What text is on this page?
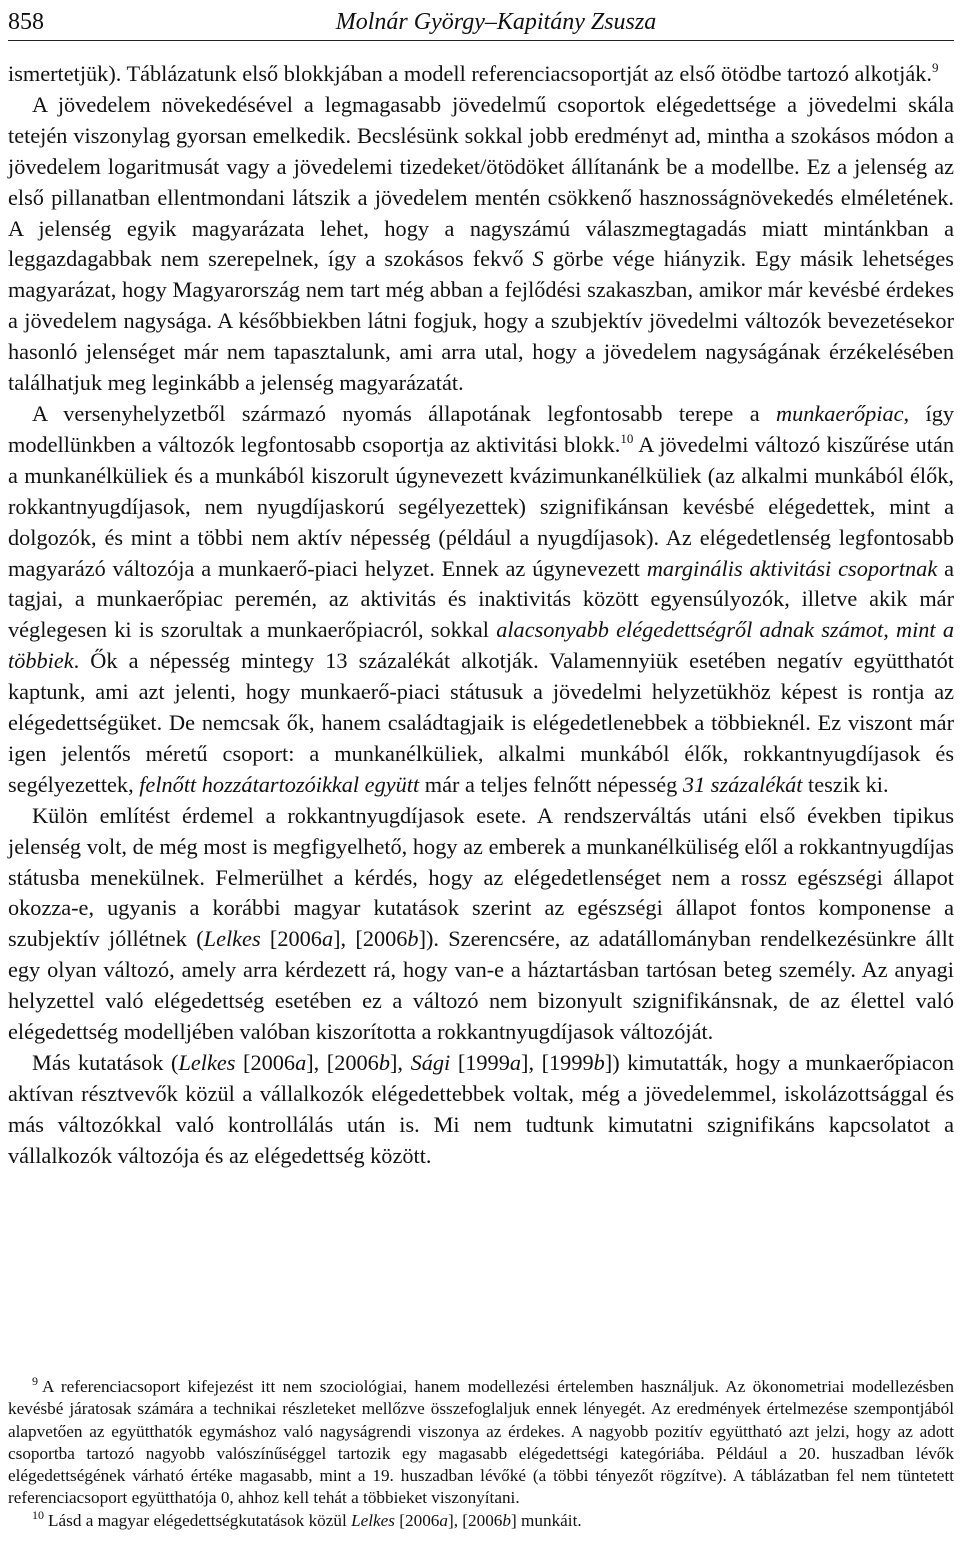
858	Molnár György–Kapitány Zsusza

ismertetjük). Táblázatunk első blokkjában a modell referenciacsoportját az első ötödbe tartozó alkotják.$^9$

A jövedelem növekedésével a legmagasabb jövedelmű csoportok elégedettsége a jövedelmi skála tetején viszonylag gyorsan emelkedik. Becslésünk sokkal jobb eredményt ad, mintha a szokásos módon a jövedelem logaritmusát vagy a jövedelemi tizedeket/ötödöket állítanánk be a modellbe. Ez a jelenség az első pillanatban ellentmondani látszik a jövedelem mentén csökkenő hasznosságnövekedés elméletének. A jelenség egyik magyarázata lehet, hogy a nagyszámú válaszmegtagadás miatt mintánkban a leggazdagabbak nem szerepelnek, így a szokásos fekvő S görbe vége hiányzik. Egy másik lehetséges magyarázat, hogy Magyarország nem tart még abban a fejlődési szakaszban, amikor már kevésbé érdekes a jövedelem nagysága. A későbbiekben látni fogjuk, hogy a szubjektív jövedelmi változók bevezetésekor hasonló jelenséget már nem tapasztalunk, ami arra utal, hogy a jövedelem nagyságának érzékelésében találhatjuk meg leginkább a jelenség magyarázatát.

A versenyhelyzetből származó nyomás állapotának legfontosabb terepe a munkaerőpiac, így modellünkben a változók legfontosabb csoportja az aktivitási blokk.$^{10}$ A jövedelmi változó kiszűrése után a munkanélküliek és a munkából kiszorult úgynevezett kvázimunkanélküliek (az alkalmi munkából élők, rokkantnyugdíjasok, nem nyugdíjaskorú segélyezettek) szignifikánsan kevésbé elégedettek, mint a dolgozók, és mint a többi nem aktív népesség (például a nyugdíjasok). Az elégedetlenség legfontosabb magyarázó változója a munkaerő-piaci helyzet. Ennek az úgynevezett marginális aktivitási csoportnak a tagjai, a munkaerőpiac peremén, az aktivitás és inaktivitás között egyensúlyozók, illetve akik már véglegesen ki is szorultak a munkaerőpiacról, sokkal alacsonyabb elégedettségről adnak számot, mint a többiek. Ők a népesség mintegy 13 százalékát alkotják. Valamennyiük esetében negatív együtthatót kaptunk, ami azt jelenti, hogy munkaerő-piaci státusuk a jövedelmi helyzetükhöz képest is rontja az elégedettségüket. De nemcsak ők, hanem családtagjaik is elégedetlenebbek a többieknél. Ez viszont már igen jelentős méretű csoport: a munkanélküliek, alkalmi munkából élők, rokkantnyugdíjasok és segélyezettek, felnőtt hozzátartozóikkal együtt már a teljes felnőtt népesség 31 százalékát teszik ki.

Külön említést érdemel a rokkantnyugdíjasok esete. A rendszerváltás utáni első években tipikus jelenség volt, de még most is megfigyelhető, hogy az emberek a munkanélküliség elől a rokkantnyugdíjas státusba menekülnek. Felmerülhet a kérdés, hogy az elégedetlenséget nem a rossz egészségi állapot okozza-e, ugyanis a korábbi magyar kutatások szerint az egészségi állapot fontos komponense a szubjektív jóllétnek (Lelkes [2006a], [2006b]). Szerencsére, az adatállományban rendelkezésünkre állt egy olyan változó, amely arra kérdezett rá, hogy van-e a háztartásban tartósan beteg személy. Az anyagi helyzettel való elégedettség esetében ez a változó nem bizonyult szignifikánsnak, de az élettel való elégedettség modelljében valóban kiszorította a rokkantnyugdíjasok változóját.

Más kutatások (Lelkes [2006a], [2006b], Sági [1999a], [1999b]) kimutatták, hogy a munkaerőpiacon aktívan résztvevők közül a vállalkozók elégedettebbek voltak, még a jövedelemmel, iskolázottsággal és más változókkal való kontrollálás után is. Mi nem tudtunk kimutatni szignifikáns kapcsolatot a vállalkozók változója és az elégedettség között.

$^9$ A referenciacsoport kifejezést itt nem szociológiai, hanem modellezési értelemben használjuk. Az ökonometriai modellezésben kevésbé járatosak számára a technikai részleteket mellőzve összefoglaljuk ennek lényegét. Az eredmények értelmezése szempontjából alapvetően az együtthatók egymáshoz való nagyságrendi viszonya az érdekes. A nagyobb pozitív együttható azt jelzi, hogy az adott csoportba tartozó nagyobb valószínűséggel tartozik egy magasabb elégedettségi kategóriába. Például a 20. huszadban lévők elégedettségének várható értéke magasabb, mint a 19. huszadban lévőké (a többi tényezőt rögzítve). A táblázatban fel nem tüntetett referenciacsoport együtthatója 0, ahhoz kell tehát a többieket viszonyítani.

$^{10}$ Lásd a magyar elégedettségkutatások közül Lelkes [2006a], [2006b] munkáit.
